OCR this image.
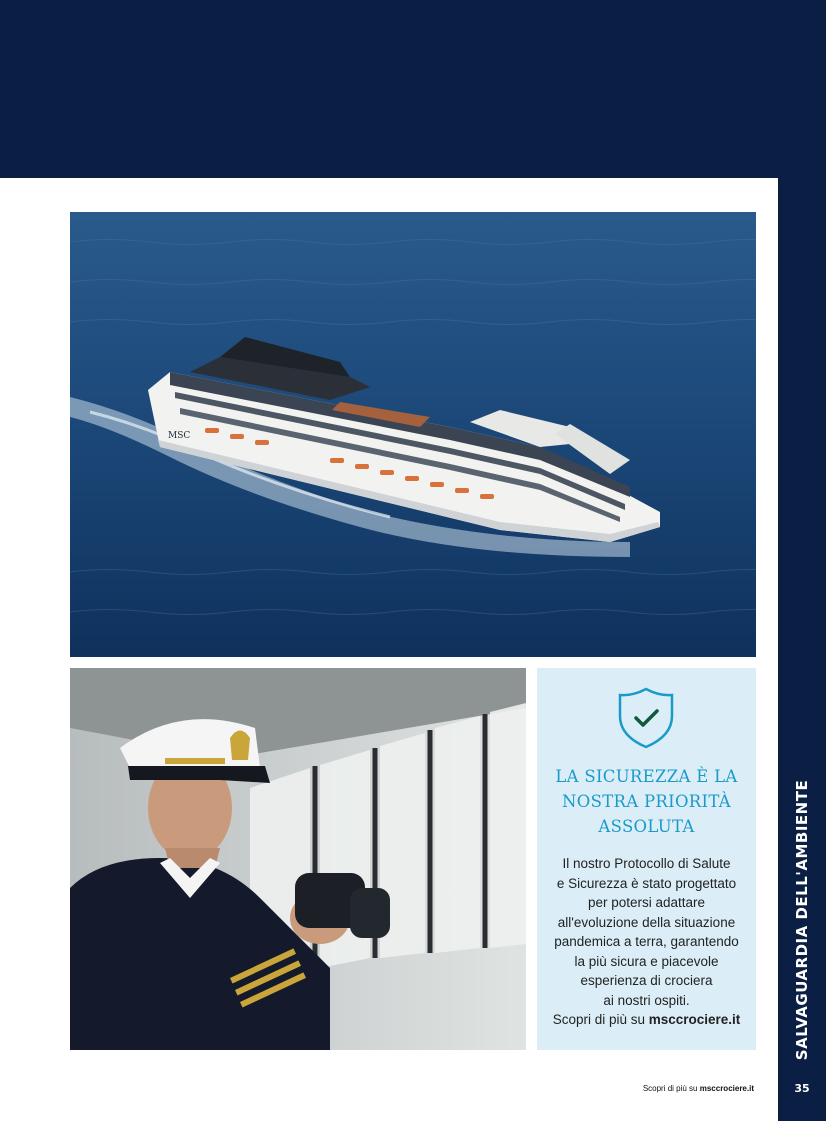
SALVAGUARDIA DELL'AMBIENTE
35
MSC
LA SICUREZZA È LA
NOSTRA PRIORITÀ
ASSOLUTA
Il nostro Protocollo di Salute
e Sicurezza è stato progettato
per potersi adattare
all'evoluzione della situazione
pandemica a terra, garantendo
la più sicura e piacevole
esperienza di crociera
ai nostri ospiti.
Scopri di più su msccrociere.it
Scopri di più su msccrociere.it
